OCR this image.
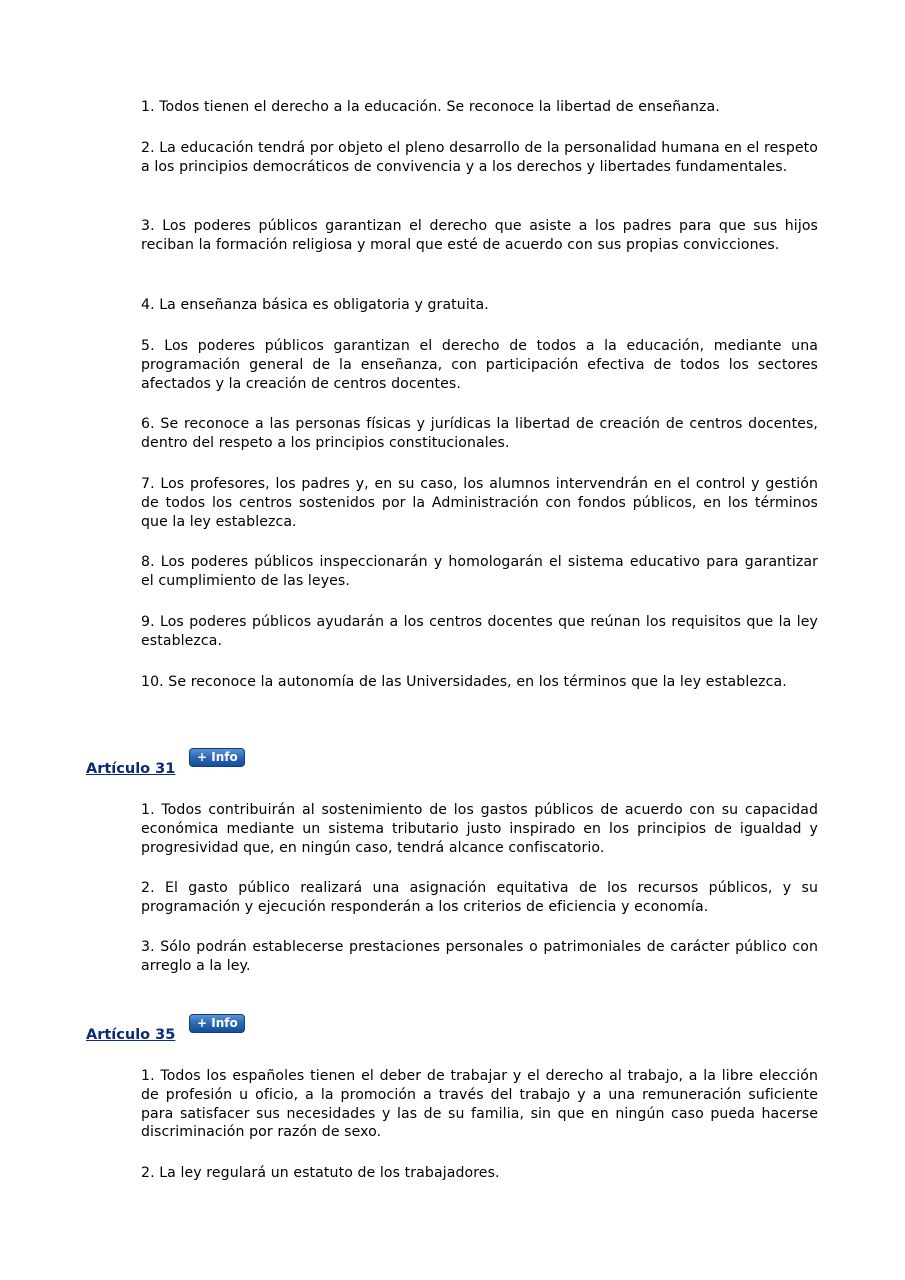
1. Todos tienen el derecho a la educación. Se reconoce la libertad de enseñanza.

2. La educación tendrá por objeto el pleno desarrollo de la personalidad humana en el respeto a los principios democráticos de convivencia y a los derechos y libertades fundamentales.

3. Los poderes públicos garantizan el derecho que asiste a los padres para que sus hijos reciban la formación religiosa y moral que esté de acuerdo con sus propias convicciones.

4. La enseñanza básica es obligatoria y gratuita.

5. Los poderes públicos garantizan el derecho de todos a la educación, mediante una programación general de la enseñanza, con participación efectiva de todos los sectores afectados y la creación de centros docentes.

6. Se reconoce a las personas físicas y jurídicas la libertad de creación de centros docentes, dentro del respeto a los principios constitucionales.

7. Los profesores, los padres y, en su caso, los alumnos intervendrán en el control y gestión de todos los centros sostenidos por la Administración con fondos públicos, en los términos que la ley establezca.

8. Los poderes públicos inspeccionarán y homologarán el sistema educativo para garantizar el cumplimiento de las leyes.

9. Los poderes públicos ayudarán a los centros docentes que reúnan los requisitos que la ley establezca.

10. Se reconoce la autonomía de las Universidades, en los términos que la ley establezca.

Artículo 31
+ Info

1. Todos contribuirán al sostenimiento de los gastos públicos de acuerdo con su capacidad económica mediante un sistema tributario justo inspirado en los principios de igualdad y progresividad que, en ningún caso, tendrá alcance confiscatorio.

2. El gasto público realizará una asignación equitativa de los recursos públicos, y su programación y ejecución responderán a los criterios de eficiencia y economía.

3. Sólo podrán establecerse prestaciones personales o patrimoniales de carácter público con arreglo a la ley.

Artículo 35
+ Info

1. Todos los españoles tienen el deber de trabajar y el derecho al trabajo, a la libre elección de profesión u oficio, a la promoción a través del trabajo y a una remuneración suficiente para satisfacer sus necesidades y las de su familia, sin que en ningún caso pueda hacerse discriminación por razón de sexo.

2. La ley regulará un estatuto de los trabajadores.
